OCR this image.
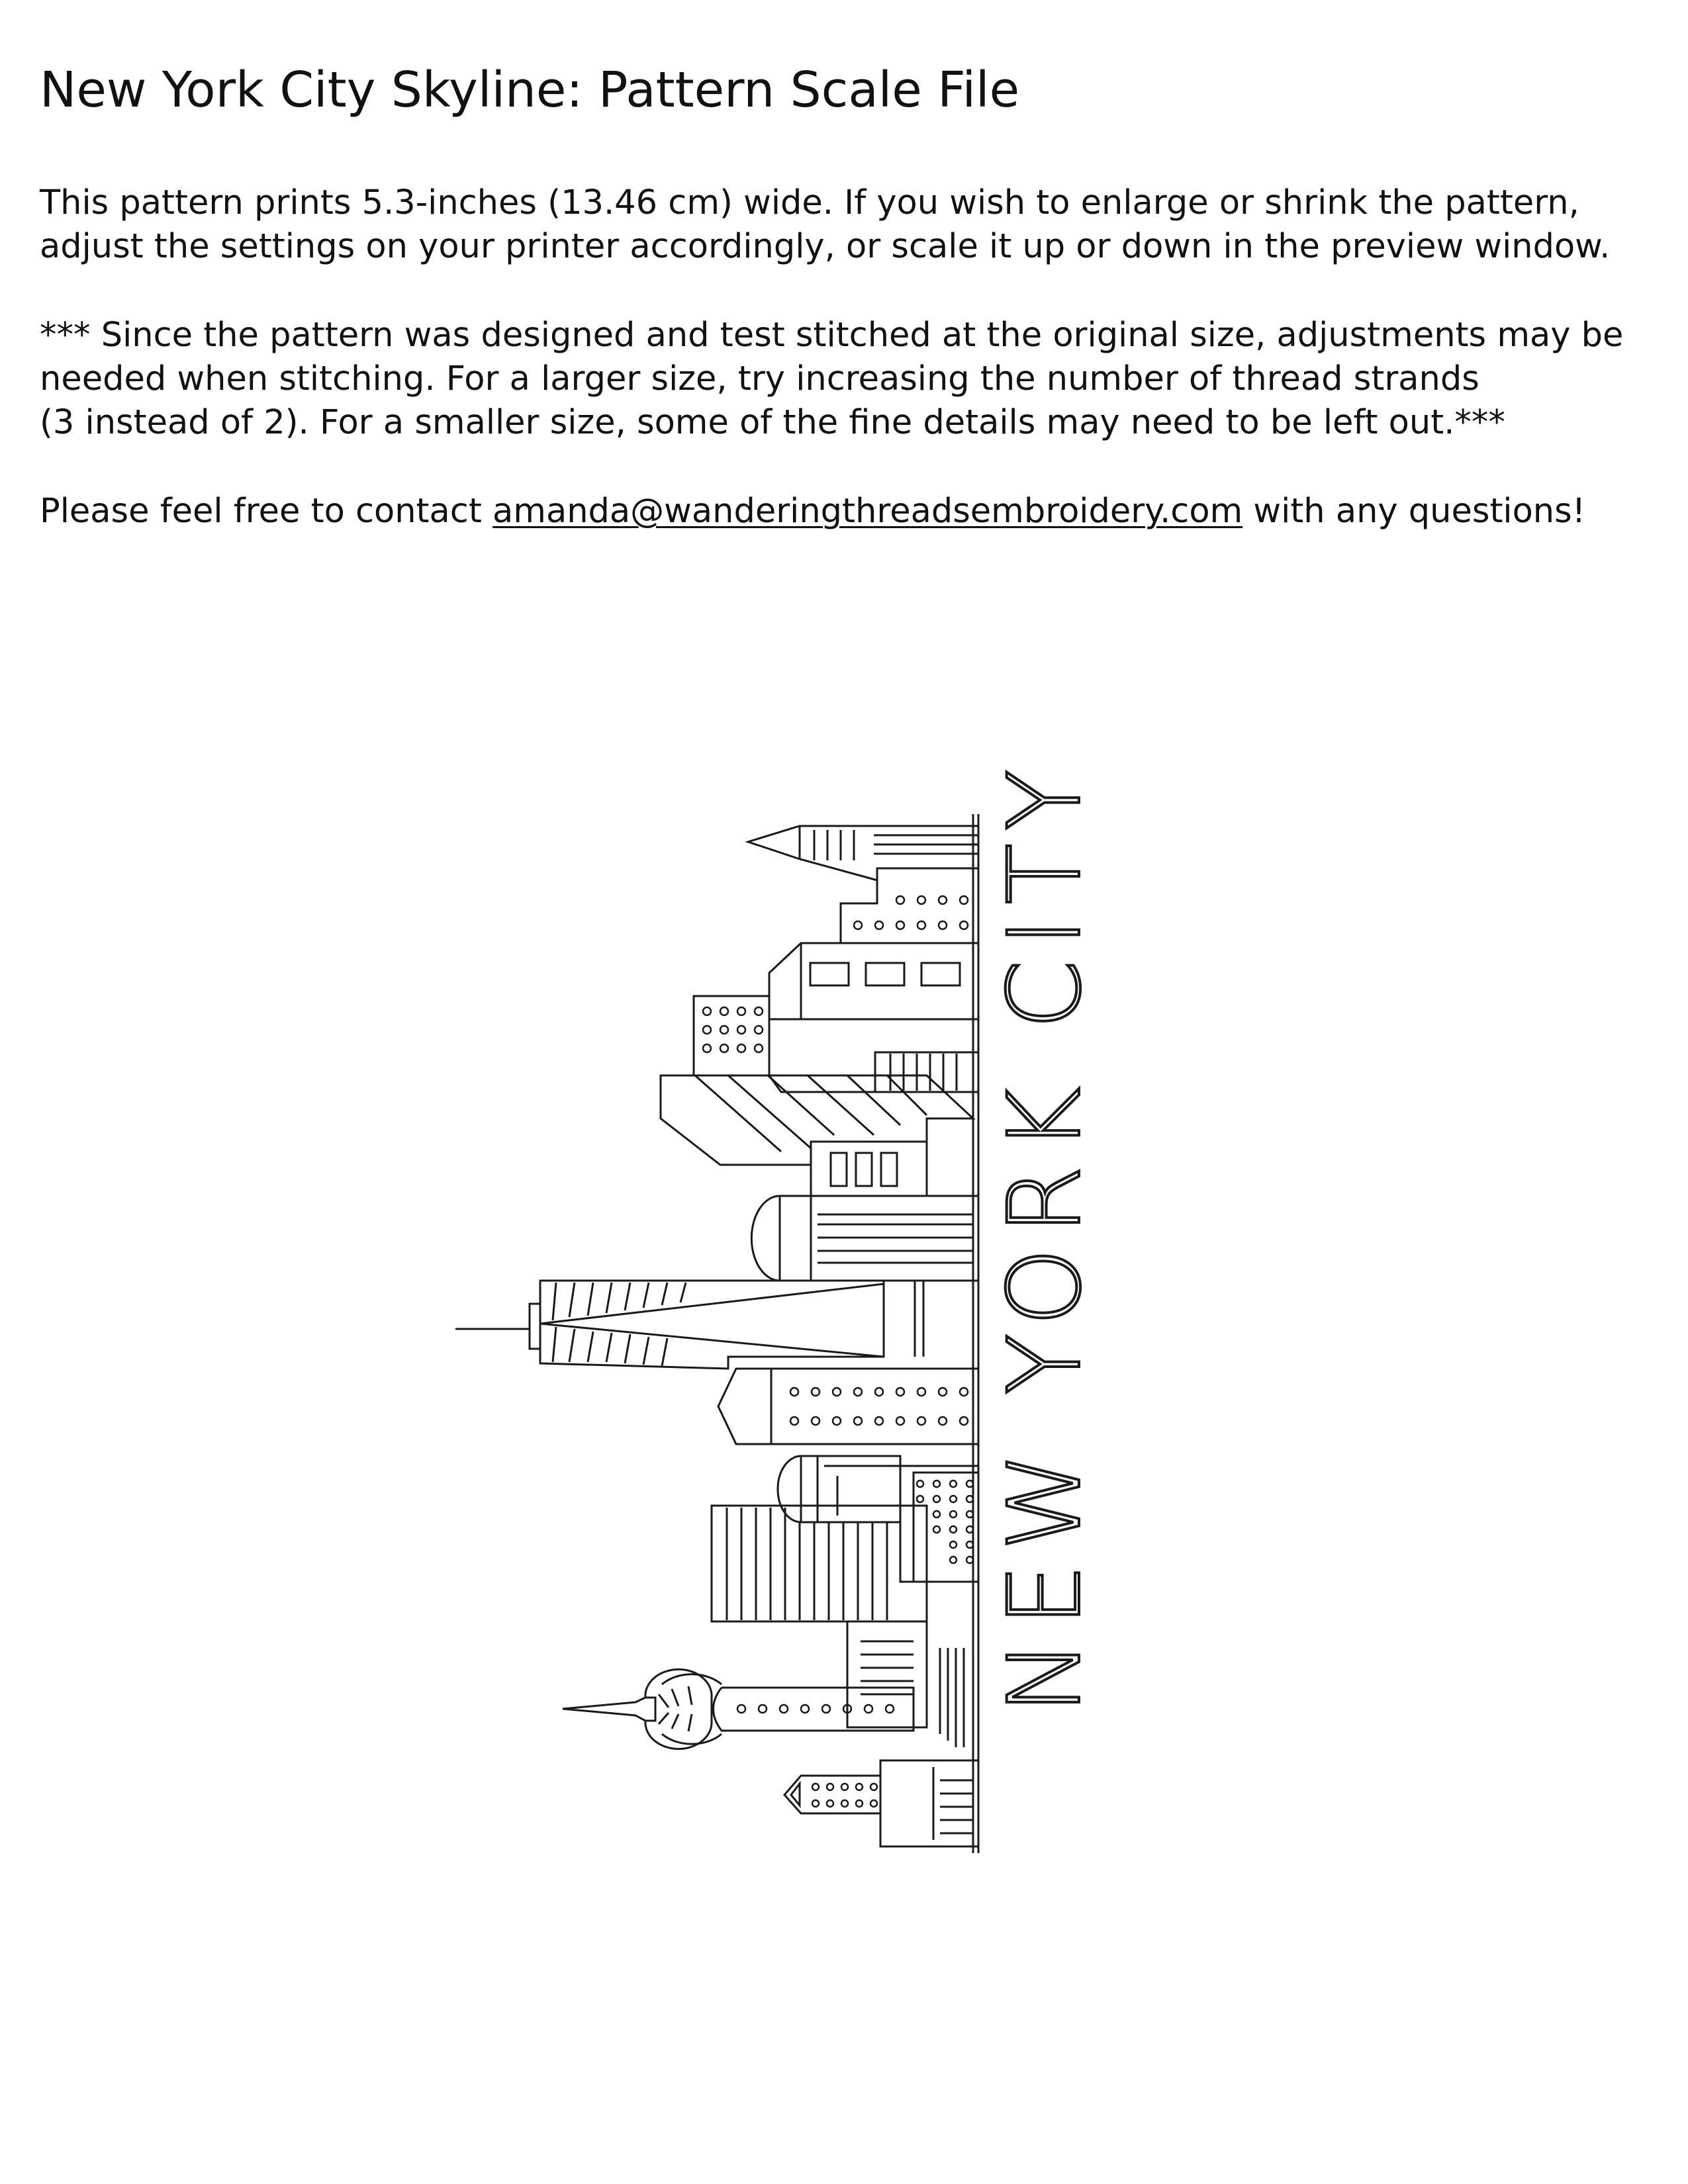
New York City Skyline: Pattern Scale File

This pattern prints 5.3-inches (13.46 cm) wide. If you wish to enlarge or shrink the pattern,
adjust the settings on your printer accordingly, or scale it up or down in the preview window.

*** Since the pattern was designed and test stitched at the original size, adjustments may be
needed when stitching. For a larger size, try increasing the number of thread strands
(3 instead of 2). For a smaller size, some of the fine details may need to be left out.***

Please feel free to contact amanda@wanderingthreadsembroidery.com with any questions!

NEW YORK CITY
